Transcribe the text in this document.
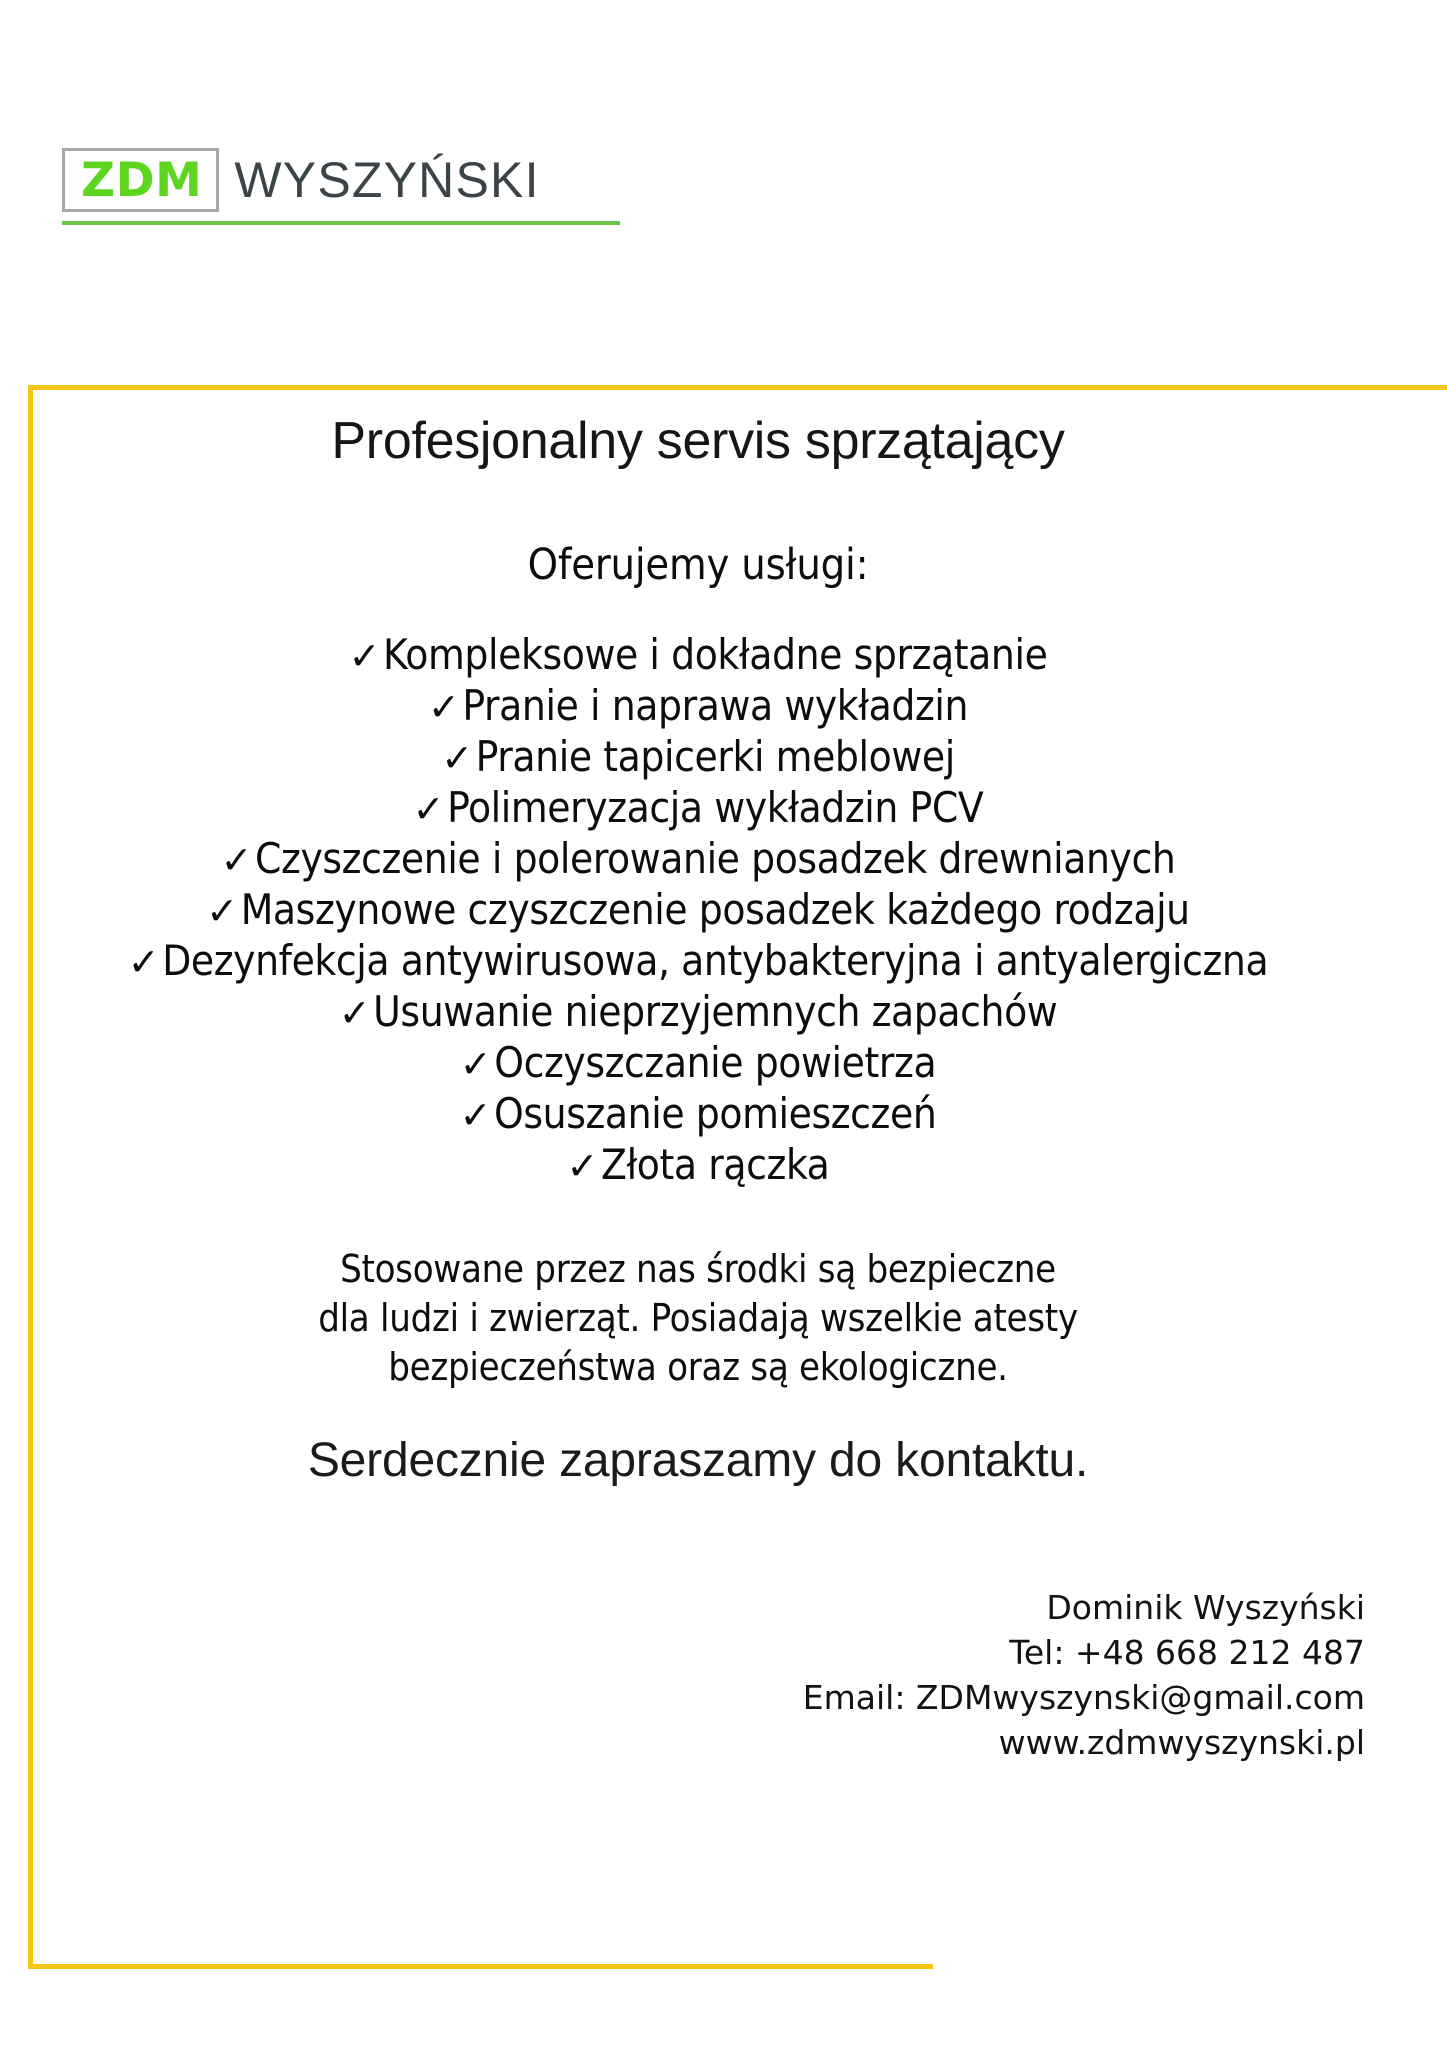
ZDM WYSZYŃSKI
Profesjonalny servis sprzątający
Oferujemy usługi:
✓Kompleksowe i dokładne sprzątanie
✓Pranie i naprawa wykładzin
✓Pranie tapicerki meblowej
✓Polimeryzacja wykładzin PCV
✓Czyszczenie i polerowanie posadzek drewnianych
✓Maszynowe czyszczenie posadzek każdego rodzaju
✓Dezynfekcja antywirusowa, antybakteryjna i antyalergiczna
✓Usuwanie nieprzyjemnych zapachów
✓Oczyszczanie powietrza
✓Osuszanie pomieszczeń
✓Złota rączka
Stosowane przez nas środki są bezpieczne
dla ludzi i zwierząt. Posiadają wszelkie atesty
bezpieczeństwa oraz są ekologiczne.
Serdecznie zapraszamy do kontaktu.
Dominik Wyszyński
Tel: +48 668 212 487
Email: ZDMwyszynski@gmail.com
www.zdmwyszynski.pl
